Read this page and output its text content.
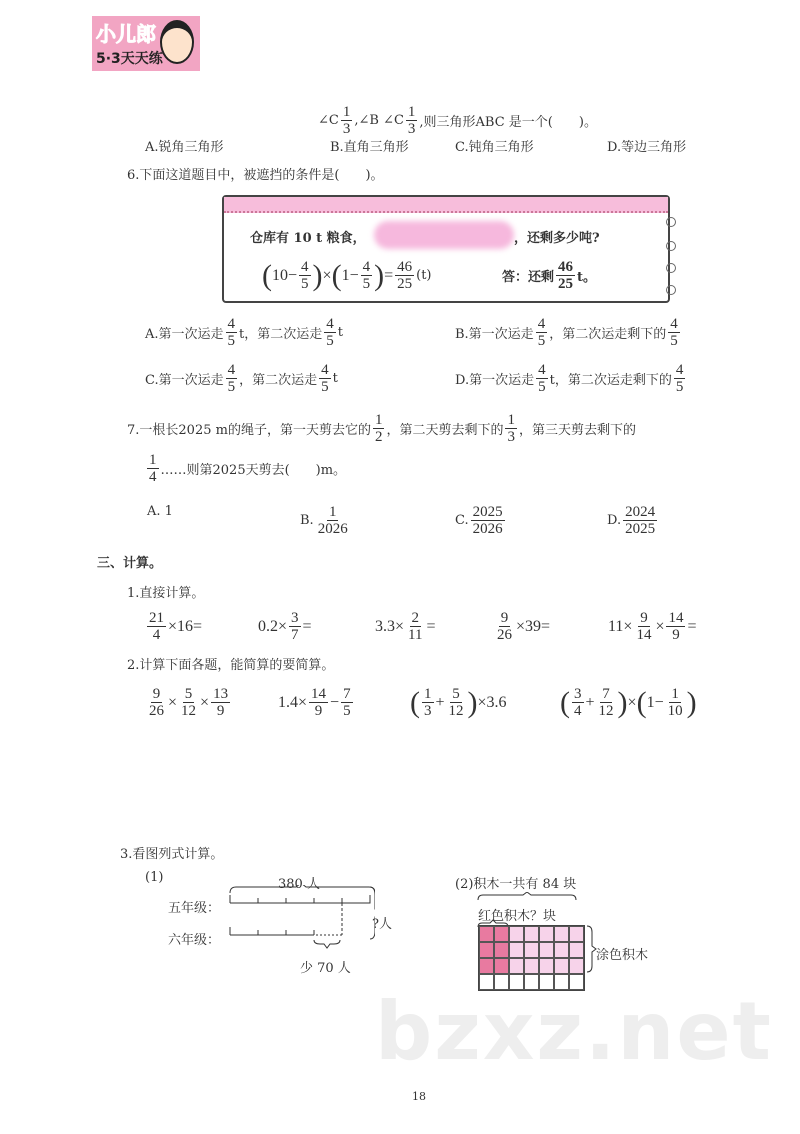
小儿郎
5·3天天练
∠C $\frac{1}{3}$ ,∠B ∠C $\frac{1}{3}$ ,则三角形ABC 是一个(　　)。
A.锐角三角形	B.直角三角形	C.钝角三角形	D.等边三角形
6.下面这道题目中，被遮挡的条件是(　　)。
仓库有 10 t 粮食，	，还剩多少吨?
( $10- \frac{4}{5}$ ) × ( $1- \frac{4}{5}$ ) = $\frac{46}{25} (t)$	答：还剩 $\frac{46}{25}$ t。
A.第一次运走 $\frac{4}{5}$ t，第二次运走 $\frac{4}{5}$ t	B.第一次运走 $\frac{4}{5}$ ，第二次运走剩下的 $\frac{4}{5}$
C.第一次运走 $\frac{4}{5}$ ，第二次运走 $\frac{4}{5}$ t	D.第一次运走 $\frac{4}{5}$ t，第二次运走剩下的 $\frac{4}{5}$
7.一根长2025 m的绳子，第一天剪去它的 $\frac{1}{2}$ ，第二天剪去剩下的 $\frac{1}{3}$ ，第三天剪去剩下的
$\frac{1}{4}$ ……则第2025天剪去(　　)m。
A. 1
B. $\frac{1}{2026}$	C. $\frac{2025}{2026}$	D. $\frac{2024}{2025}$
三、计算。
1.直接计算。
$\frac{21}{4} \times 16=$	$0.2\times \frac{3}{7}$ =	$3.3\times \frac{2}{11}$ =	$\frac{9}{26} \times 39=$	$11\times \frac{9}{14} \times \frac{14}{9}$ =
2.计算下面各题，能简算的要简算。
$\frac{9}{26} \times \frac{5}{12} \times \frac{13}{9}$	$1.4\times \frac{14}{9} - \frac{7}{5}$ ( $\frac{1}{3} + \frac{5}{12}$ ) ×3.6 ( $\frac{3}{4} + \frac{7}{12}$ ) × ( $1- \frac{1}{10}$ )
3.看图列式计算。
(1)	380 人
五年级：
六年级：
?人
少 70 人
(2)积木一共有 84 块
红色积木？块
涂色积木
bzxz.net
18
